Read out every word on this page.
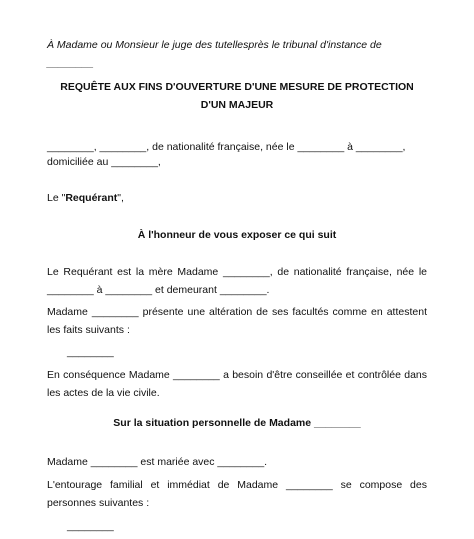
À Madame ou Monsieur le juge des tutellesprès le tribunal d'instance de ________

REQUÊTE AUX FINS D'OUVERTURE D'UNE MESURE DE PROTECTION D'UN MAJEUR

________, ________, de nationalité française, née le ________ à ________,

domiciliée au ________,

Le "Requérant",

À l'honneur de vous exposer ce qui suit

Le Requérant est la mère Madame ________, de nationalité française, née le ________ à ________ et demeurant ________.

Madame ________ présente une altération de ses facultés comme en attestent les faits suivants :

________

En conséquence Madame ________ a besoin d'être conseillée et contrôlée dans les actes de la vie civile.

Sur la situation personnelle de Madame ________

Madame ________ est mariée avec ________.

L'entourage familial et immédiat de Madame ________ se compose des personnes suivantes :

________
